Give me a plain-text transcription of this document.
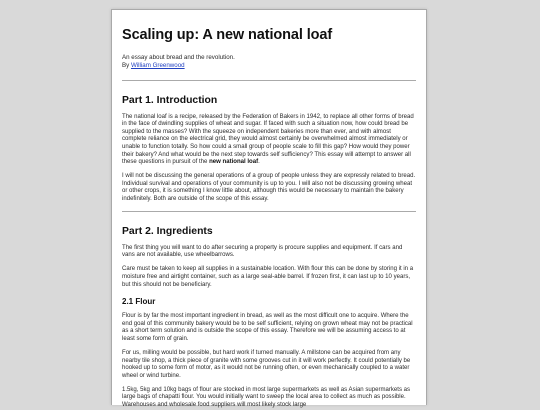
Scaling up: A new national loaf

An essay about bread and the revolution.

By William Greenwood

Part 1. Introduction

The national loaf is a recipe, released by the Federation of Bakers in 1942, to replace all other forms of bread in the face of dwindling supplies of wheat and sugar. If faced with such a situation now, how could bread be supplied to the masses? With the squeeze on independent bakeries more than ever, and with almost complete reliance on the electrical grid, they would almost certainly be overwhelmed almost immediately or unable to function totally. So how could a small group of people scale to fill this gap? How would they power their bakery? And what would be the next step towards self sufficiency? This essay will attempt to answer all these questions in pursuit of the new national loaf.

I will not be discussing the general operations of a group of people unless they are expressly related to bread. Individual survival and operations of your community is up to you. I will also not be discussing growing wheat or other crops, it is something I know little about, although this would be necessary to maintain the bakery indefinitely. Both are outside of the scope of this essay.

Part 2. Ingredients

The first thing you will want to do after securing a property is procure supplies and equipment. If cars and vans are not available, use wheelbarrows.

Care must be taken to keep all supplies in a sustainable location. With flour this can be done by storing it in a moisture free and airtight container, such as a large seal-able barrel. If frozen first, it can last up to 10 years, but this should not be beneficiary.

2.1 Flour

Flour is by far the most important ingredient in bread, as well as the most difficult one to acquire. Where the end goal of this community bakery would be to be self sufficient, relying on grown wheat may not be practical as a short term solution and is outside the scope of this essay. Therefore we will be assuming access to at least some form of grain.

For us, milling would be possible, but hard work if turned manually. A millstone can be acquired from any nearby tile shop, a thick piece of granite with some grooves cut in it will work perfectly. It could potentially be hooked up to some form of motor, as it would not be running often, or even mechanically coupled to a water wheel or wind turbine.

1.5kg, 5kg and 10kg bags of flour are stocked in most large supermarkets as well as Asian supermarkets as large bags of chapatti flour. You would initially want to sweep the local area to collect as much as possible. Warehouses and wholesale food suppliers will most likely stock large
